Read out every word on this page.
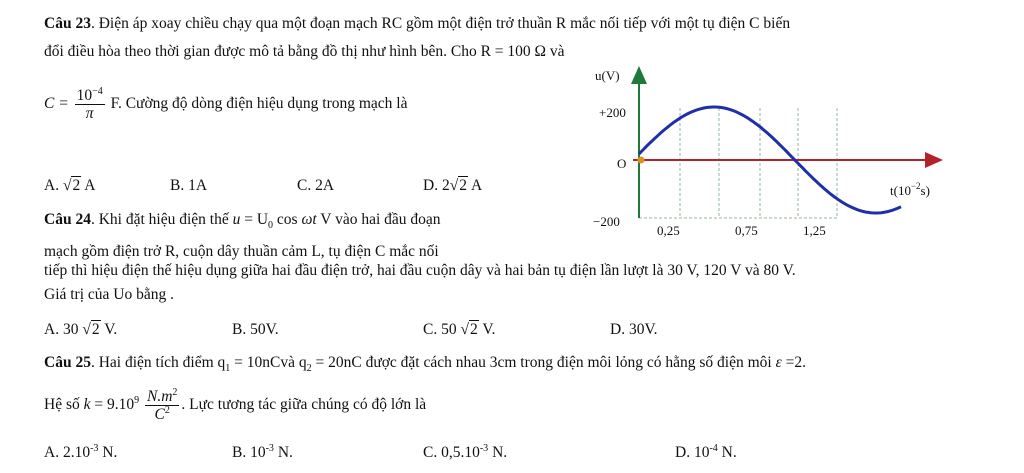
Câu 23. Điện áp xoay chiều chạy qua một đoạn mạch RC gồm một điện trở thuần R mắc nối tiếp với một tụ điện C biến
đổi điều hòa theo thời gian được mô tả bằng đồ thị như hình bên. Cho R = 100 Ω và
$C = \frac{10^{-4}}{\pi} F$. Cường độ dòng điện hiệu dụng trong mạch là
A. √2 A	B. 1A	C. 2A	D. 2√2 A
u(V)
+200
O
−200
$t(10^{-2}s)$
0,25	0,75	1,25
Câu 24. Khi đặt hiệu điện thế $u = U_0$ cos ωt V vào hai đầu đoạn
mạch gồm điện trở R, cuộn dây thuần cảm L, tụ điện C mắc nối
tiếp thì hiệu điện thế hiệu dụng giữa hai đầu điện trở, hai đầu cuộn dây và hai bản tụ điện lần lượt là 30 V, 120 V và 80 V.
Giá trị của Uo bằng .
A. 30 √2 V.	B. 50V.	C. 50 √2 V.	D. 30V.
Câu 25. Hai điện tích điểm $q_1$ = 10nCvà $q_2 = 20nC$ được đặt cách nhau 3cm trong điện môi lỏng có hằng số điện môi ε =2.
Hệ số $k = 9.10^9 \frac{N.m^2}{C^2}$ . Lực tương tác giữa chúng có độ lớn là
A. $2.10^{-3}$ N.	B. $10^{-3}$ N.	C. $0,5.10^{-3}$ N.	D. $10^{-4}$ N.
